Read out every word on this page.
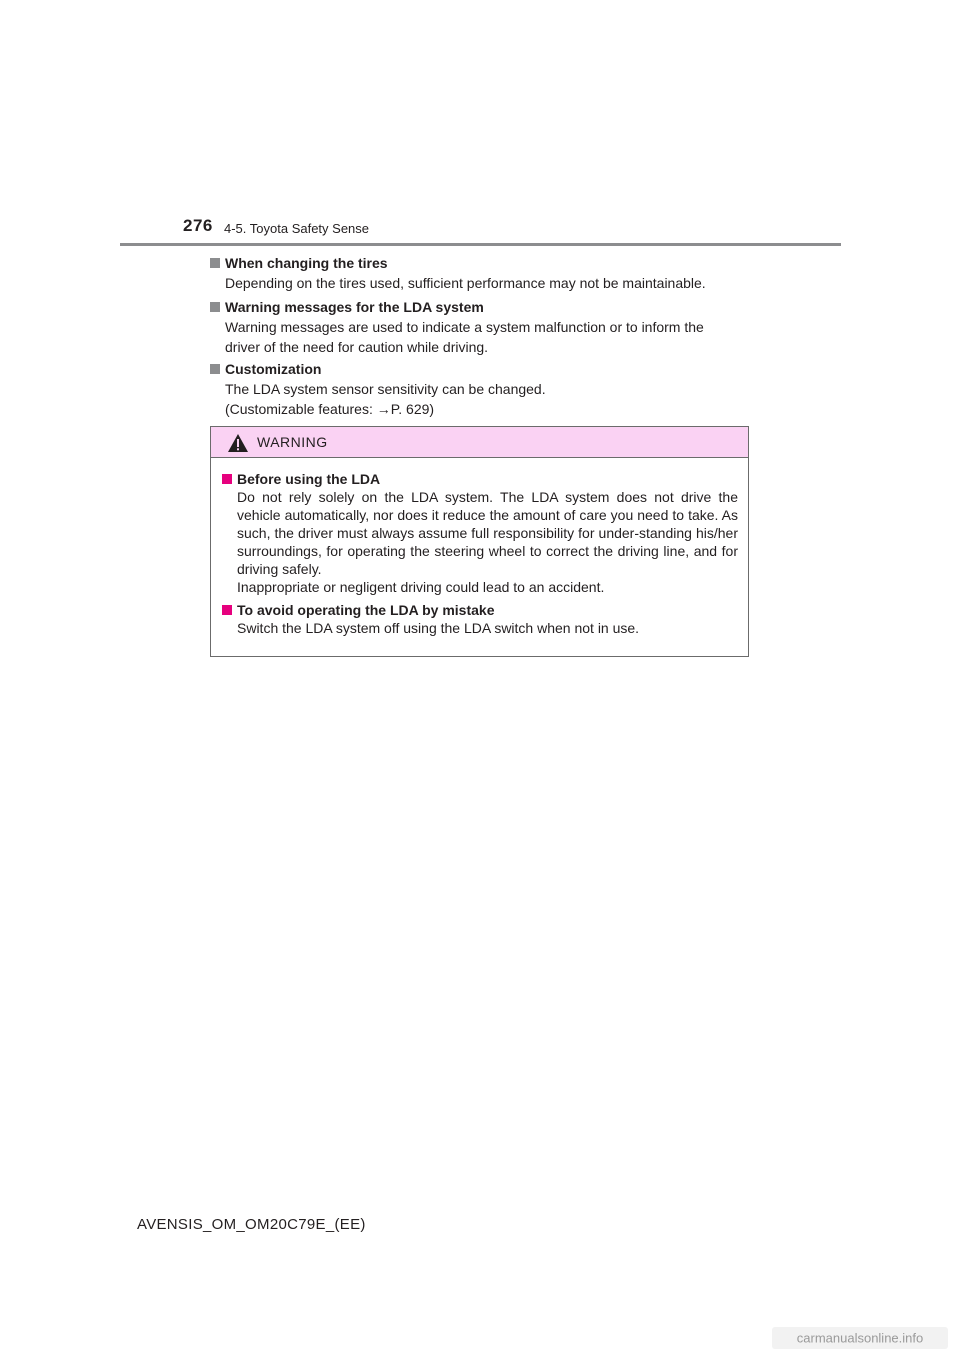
276 4-5. Toyota Safety Sense
When changing the tires

Depending on the tires used, sufficient performance may not be maintainable.

Warning messages for the LDA system

Warning messages are used to indicate a system malfunction or to inform the

driver of the need for caution while driving.

Customization

The LDA system sensor sensitivity can be changed.

(Customizable features: →P. 629)

WARNING
Before using the LDA

Do not rely solely on the LDA system. The LDA system does not drive the vehicle automatically, nor does it reduce the amount of care you need to take. As such, the driver must always assume full responsibility for under-standing his/her surroundings, for operating the steering wheel to correct the driving line, and for driving safely.

Inappropriate or negligent driving could lead to an accident.

To avoid operating the LDA by mistake

Switch the LDA system off using the LDA switch when not in use.

AVENSIS_OM_OM20C79E_(EE)
carmanualsonline.info
